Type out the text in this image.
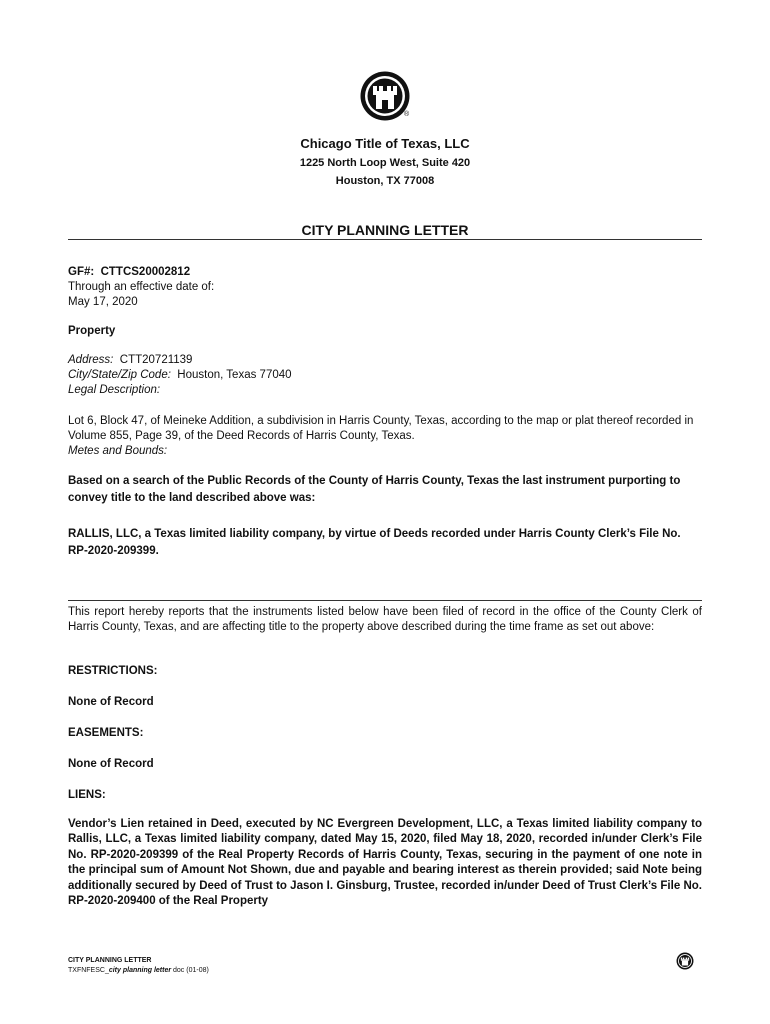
®
Chicago Title of Texas, LLC
1225 North Loop West, Suite 420
Houston, TX 77008
CITY PLANNING LETTER
GF#: CTTCS20002812
Through an effective date of:
May 17, 2020
Property
Address: CTT20721139
City/State/Zip Code: Houston, Texas 77040
Legal Description:
Lot 6, Block 47, of Meineke Addition, a subdivision in Harris County, Texas, according to the map or plat thereof recorded in Volume 855, Page 39, of the Deed Records of Harris County, Texas.
Metes and Bounds:
Based on a search of the Public Records of the County of Harris County, Texas the last instrument purporting to convey title to the land described above was:
RALLIS, LLC, a Texas limited liability company, by virtue of Deeds recorded under Harris County Clerk’s File No. RP-2020-209399.
This report hereby reports that the instruments listed below have been filed of record in the office of the County Clerk of Harris County, Texas, and are affecting title to the property above described during the time frame as set out above:
RESTRICTIONS:
None of Record
EASEMENTS:
None of Record
LIENS:
Vendor’s Lien retained in Deed, executed by NC Evergreen Development, LLC, a Texas limited liability company to Rallis, LLC, a Texas limited liability company, dated May 15, 2020, filed May 18, 2020, recorded in/under Clerk’s File No. RP-2020-209399 of the Real Property Records of Harris County, Texas, securing in the payment of one note in the principal sum of Amount Not Shown, due and payable and bearing interest as therein provided; said Note being additionally secured by Deed of Trust to Jason I. Ginsburg, Trustee, recorded in/under Deed of Trust Clerk’s File No. RP-2020-209400 of the Real Property
CITY PLANNING LETTER
TXFNFESC_city planning letter doc (01-08)
